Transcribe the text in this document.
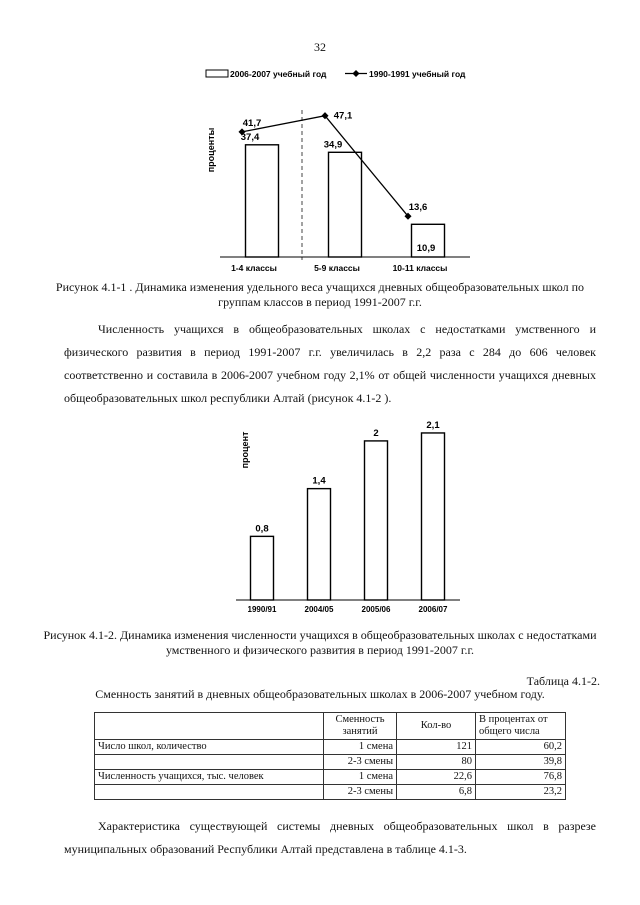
32
2006-2007 учебный год	1990-1991 учебный год
проценты	37,4
41,7
34,9
47,1
10,9
13,6
1-4 классы	5-9 классы	10-11 классы
Рисунок 4.1-1 . Динамика изменения удельного веса учащихся дневных общеобразовательных школ по группам классов в период 1991-2007 г.г.
Численность учащихся в общеобразовательных школах с недостатками умственного и физического развития в период 1991-2007 г.г. увеличилась в 2,2 раза с 284 до 606 человек соответственно и составила в 2006-2007 учебном году 2,1% от общей численности учащихся дневных общеобразовательных школ республики Алтай (рисунок 4.1-2 ).
процент
0,8
1,4
2
2,1
1990/91	2004/05	2005/06	2006/07
Рисунок 4.1-2. Динамика изменения численности учащихся в общеобразовательных школах с недостатками умственного и физического развития в период 1991-2007 г.г.
Таблица 4.1-2.
Сменность занятий в дневных общеобразовательных школах в 2006-2007 учебном году.
	Сменность занятий	Кол-во	В процентах от общего числа
Число школ, количество	1 смена	121	60,2
	2-3 смены	80	39,8
Численность учащихся, тыс. человек	1 смена	22,6	76,8
	2-3 смены	6,8	23,2
Характеристика существующей системы дневных общеобразовательных школ в разрезе муниципальных образований Республики Алтай представлена в таблице 4.1-3.
